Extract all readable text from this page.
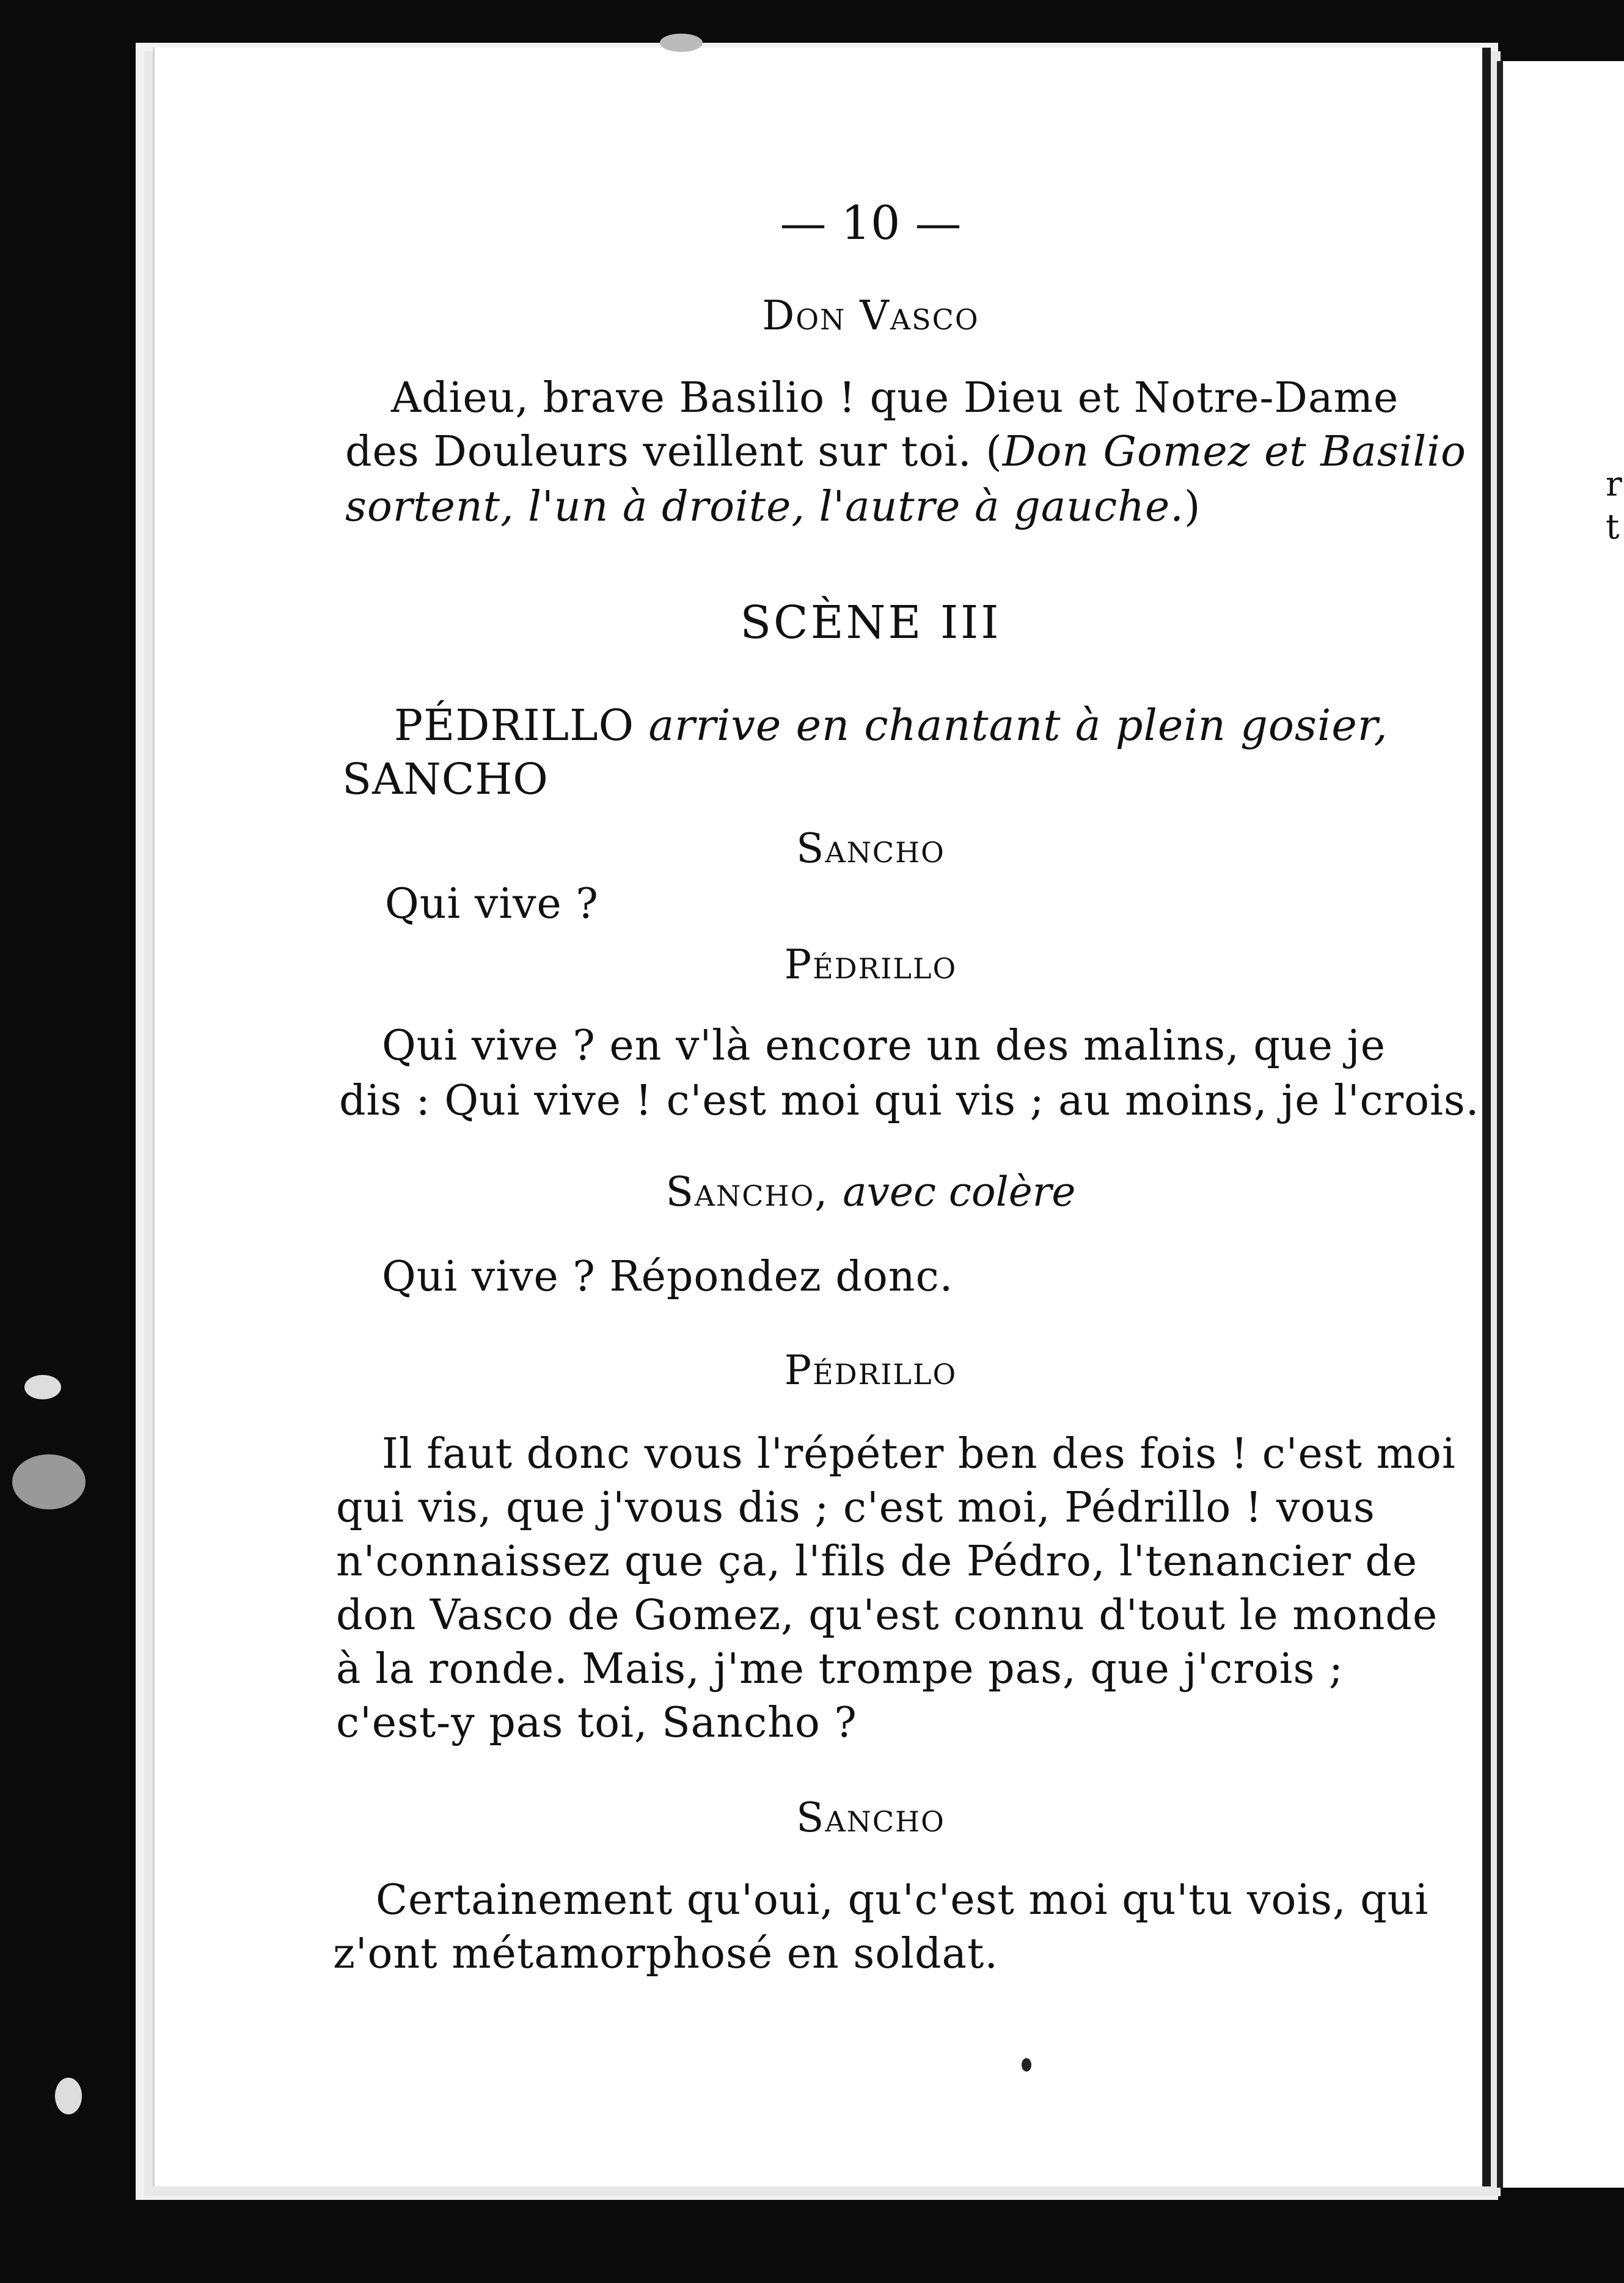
r
t
— 10 —
Don Vasco
Adieu, brave Basilio ! que Dieu et Notre-Dame
des Douleurs veillent sur toi. (Don Gomez et Basilio
sortent, l'un à droite, l'autre à gauche.)
SCÈNE III
PÉDRILLO arrive en chantant à plein gosier,
SANCHO
Sancho
Qui vive ?
Pédrillo
Qui vive ? en v'là encore un des malins, que je
dis : Qui vive ! c'est moi qui vis ; au moins, je l'crois.
Sancho, avec colère
Qui vive ? Répondez donc.
Pédrillo
Il faut donc vous l'répéter ben des fois ! c'est moi
qui vis, que j'vous dis ; c'est moi, Pédrillo ! vous
n'connaissez que ça, l'fils de Pédro, l'tenancier de
don Vasco de Gomez, qu'est connu d'tout le monde
à la ronde. Mais, j'me trompe pas, que j'crois ;
c'est-y pas toi, Sancho ?
Sancho
Certainement qu'oui, qu'c'est moi qu'tu vois, qui
z'ont métamorphosé en soldat.
